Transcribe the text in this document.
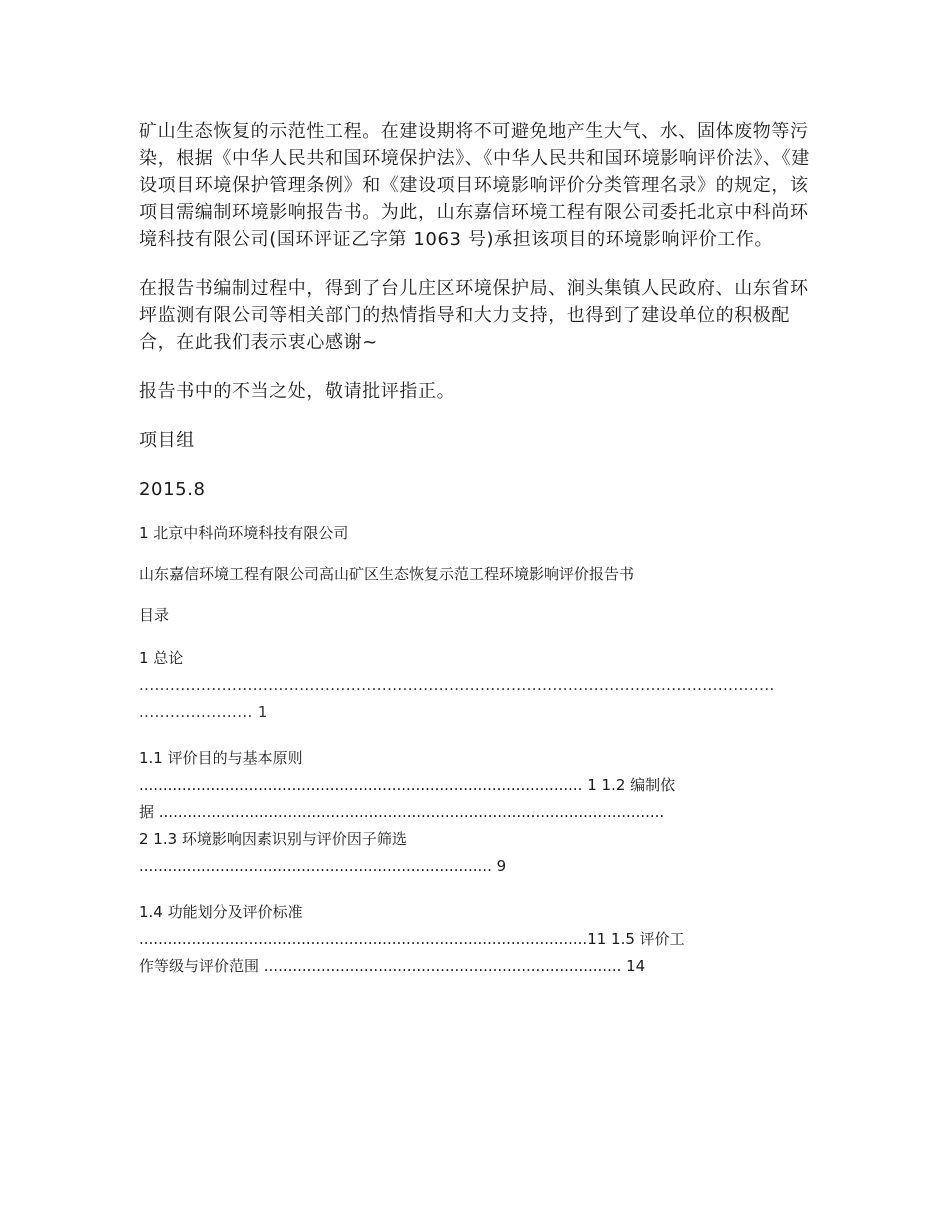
矿山生态恢复的示范性工程。在建设期将不可避免地产生大气、水、固体废物等污染，根据《中华人民共和国环境保护法》、《中华人民共和国环境影响评价法》、《建设项目环境保护管理条例》和《建设项目环境影响评价分类管理名录》的规定，该项目需编制环境影响报告书。为此，山东嘉信环境工程有限公司委托北京中科尚环境科技有限公司(国环评证乙字第 1063 号)承担该项目的环境影响评价工作。

在报告书编制过程中，得到了台儿庄区环境保护局、涧头集镇人民政府、山东省环坪监测有限公司等相关部门的热情指导和大力支持，也得到了建设单位的积极配合，在此我们表示衷心感谢~

报告书中的不当之处，敬请批评指正。

项目组

2015.8

1 北京中科尚环境科技有限公司

山东嘉信环境工程有限公司高山矿区生态恢复示范工程环境影响评价报告书

目录

1 总论

...........................................................................................................................
...................... 1

1.1 评价目的与基本原则

............................................................................................. 1 1.2 编制依
据 ..........................................................................................................
2 1.3 环境影响因素识别与评价因子筛选
.......................................................................... 9

1.4 功能划分及评价标准

..............................................................................................11 1.5 评价工
作等级与评价范围 ........................................................................... 14
